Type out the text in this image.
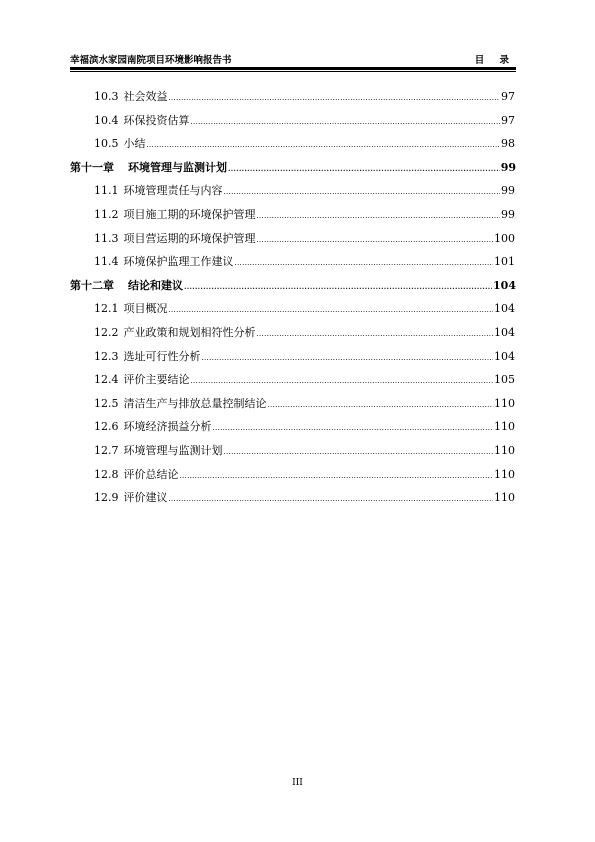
幸福滨水家园南院项目环境影响报告书	目 录
10.3 社会效益 .....	97
10.4 环保投资估算 .....	97
10.5 小结 .....	98
第十一章 环境管理与监测计划 .....	99
11.1 环境管理责任与内容 .....	99
11.2 项目施工期的环境保护管理 .....	99
11.3 项目营运期的环境保护管理 .....	100
11.4 环境保护监理工作建议 .....	101
第十二章 结论和建议 .....	104
12.1 项目概况 .....	104
12.2 产业政策和规划相符性分析 .....	104
12.3 选址可行性分析 .....	104
12.4 评价主要结论 .....	105
12.5 清洁生产与排放总量控制结论 .....	110
12.6 环境经济损益分析 .....	110
12.7 环境管理与监测计划 .....	110
12.8 评价总结论 .....	110
12.9 评价建议 .....	110
III
